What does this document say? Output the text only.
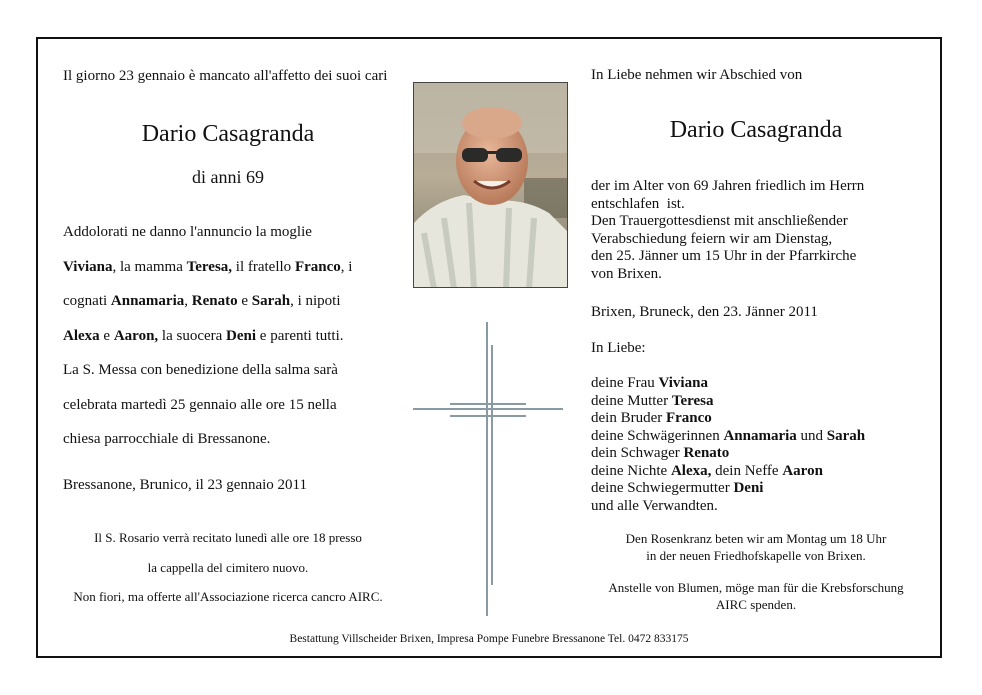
Il giorno 23 gennaio è mancato all'affetto dei suoi cari
Dario Casagranda
di anni 69
Addolorati ne danno l'annuncio la moglie
Viviana, la mamma Teresa, il fratello Franco, i
cognati Annamaria, Renato e Sarah, i nipoti
Alexa e Aaron, la suocera Deni e parenti tutti.
La S. Messa con benedizione della salma sarà
celebrata martedì 25 gennaio alle ore 15 nella
chiesa parrocchiale di Bressanone.
Bressanone, Brunico, il 23 gennaio 2011
Il S. Rosario verrà recitato lunedì alle ore 18 presso
la cappella del cimitero nuovo.
Non fiori, ma offerte all'Associazione ricerca cancro AIRC.
In Liebe nehmen wir Abschied von
Dario Casagranda
der im Alter von 69 Jahren friedlich im Herrn
entschlafen  ist.
Den Trauergottesdienst mit anschließender
Verabschiedung feiern wir am Dienstag,
den 25. Jänner um 15 Uhr in der Pfarrkirche
von Brixen.
Brixen, Bruneck, den 23. Jänner 2011
In Liebe:
deine Frau Viviana
deine Mutter Teresa
dein Bruder Franco
deine Schwägerinnen Annamaria und Sarah
dein Schwager Renato
deine Nichte Alexa, dein Neffe Aaron
deine Schwiegermutter Deni
und alle Verwandten.
Den Rosenkranz beten wir am Montag um 18 Uhr
in der neuen Friedhofskapelle von Brixen.
Anstelle von Blumen, möge man für die Krebsforschung
AIRC spenden.
Bestattung Villscheider Brixen, Impresa Pompe Funebre Bressanone Tel. 0472 833175
